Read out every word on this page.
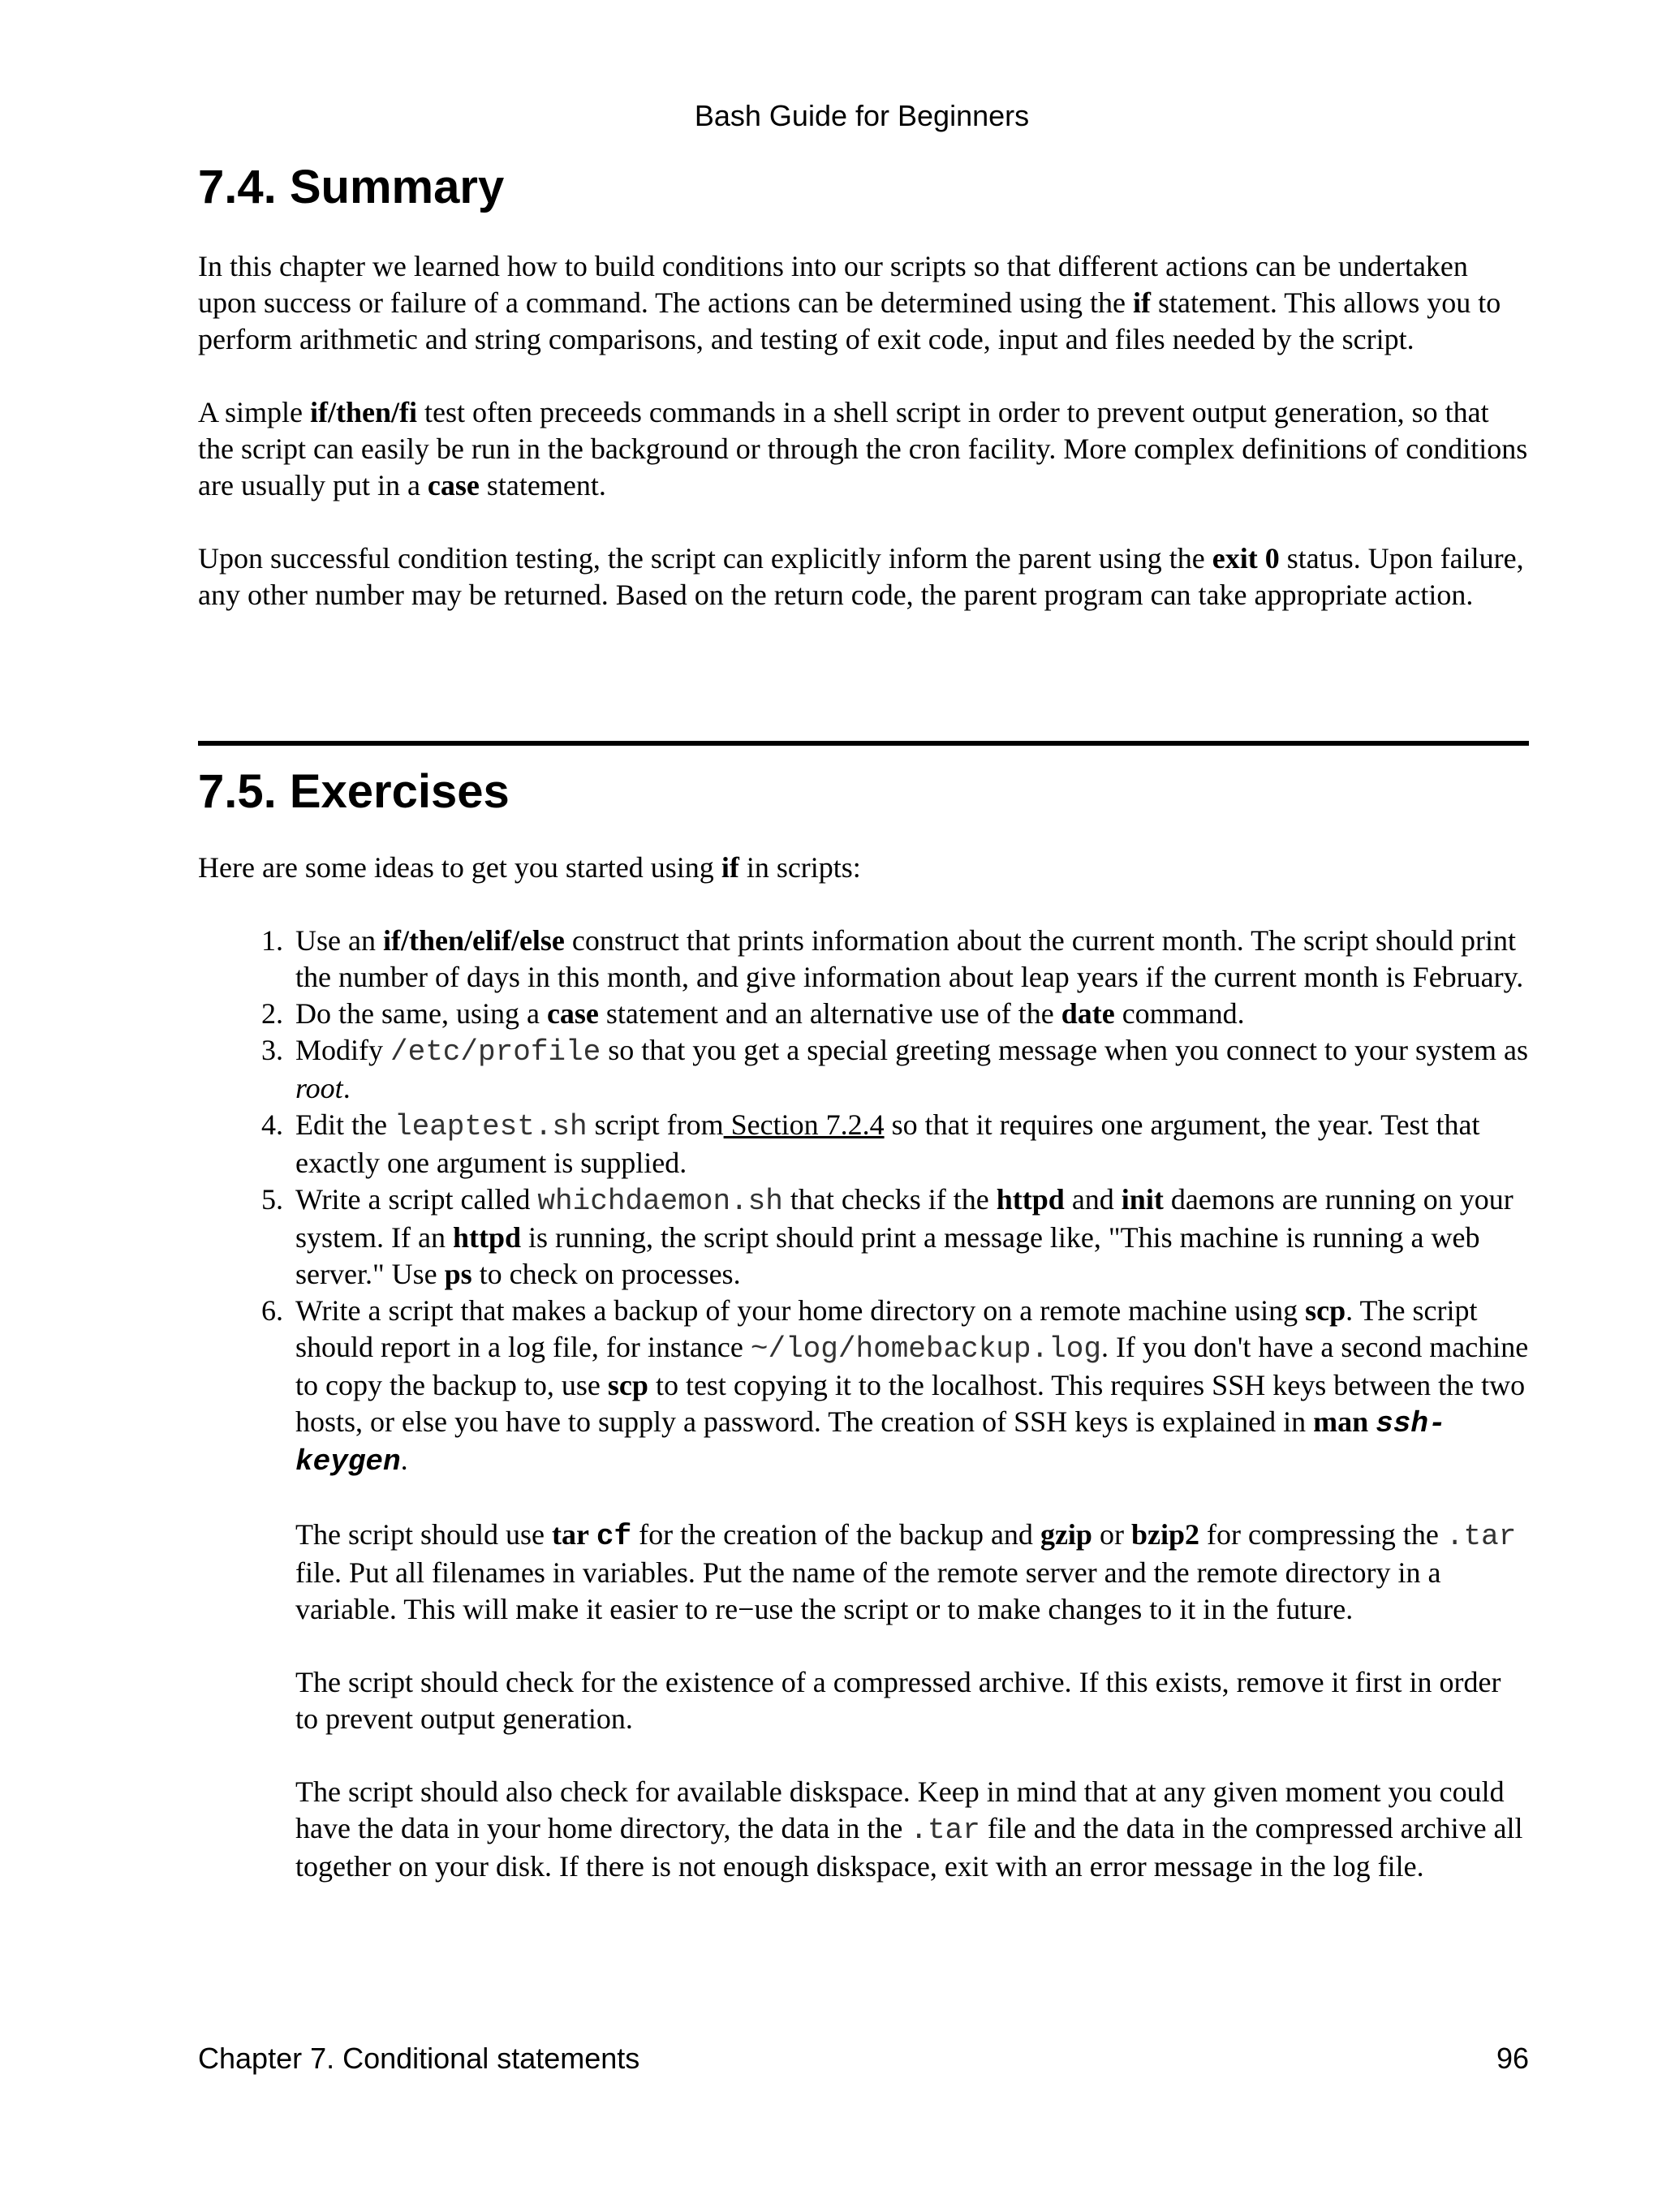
Bash Guide for Beginners
7.4. Summary

In this chapter we learned how to build conditions into our scripts so that different actions can be undertaken upon success or failure of a command. The actions can be determined using the if statement. This allows you to perform arithmetic and string comparisons, and testing of exit code, input and files needed by the script.

A simple if/then/fi test often preceeds commands in a shell script in order to prevent output generation, so that the script can easily be run in the background or through the cron facility. More complex definitions of conditions are usually put in a case statement.

Upon successful condition testing, the script can explicitly inform the parent using the exit 0 status. Upon failure, any other number may be returned. Based on the return code, the parent program can take appropriate action.

7.5. Exercises

Here are some ideas to get you started using if in scripts:

1. Use an if/then/elif/else construct that prints information about the current month. The script should print the number of days in this month, and give information about leap years if the current month is February.
2. Do the same, using a case statement and an alternative use of the date command.
3. Modify /etc/profile so that you get a special greeting message when you connect to your system as root.
4. Edit the leaptest.sh script from Section 7.2.4 so that it requires one argument, the year. Test that exactly one argument is supplied.
5. Write a script called whichdaemon.sh that checks if the httpd and init daemons are running on your system. If an httpd is running, the script should print a message like, "This machine is running a web server." Use ps to check on processes.
6. Write a script that makes a backup of your home directory on a remote machine using scp. The script should report in a log file, for instance ~/log/homebackup.log. If you don't have a second machine to copy the backup to, use scp to test copying it to the localhost. This requires SSH keys between the two hosts, or else you have to supply a password. The creation of SSH keys is explained in man ssh-keygen.
The script should use tar cf for the creation of the backup and gzip or bzip2 for compressing the .tar file. Put all filenames in variables. Put the name of the remote server and the remote directory in a variable. This will make it easier to re−use the script or to make changes to it in the future.
The script should check for the existence of a compressed archive. If this exists, remove it first in order to prevent output generation.
The script should also check for available diskspace. Keep in mind that at any given moment you could have the data in your home directory, the data in the .tar file and the data in the compressed archive all together on your disk. If there is not enough diskspace, exit with an error message in the log file.
Chapter 7. Conditional statements	96
